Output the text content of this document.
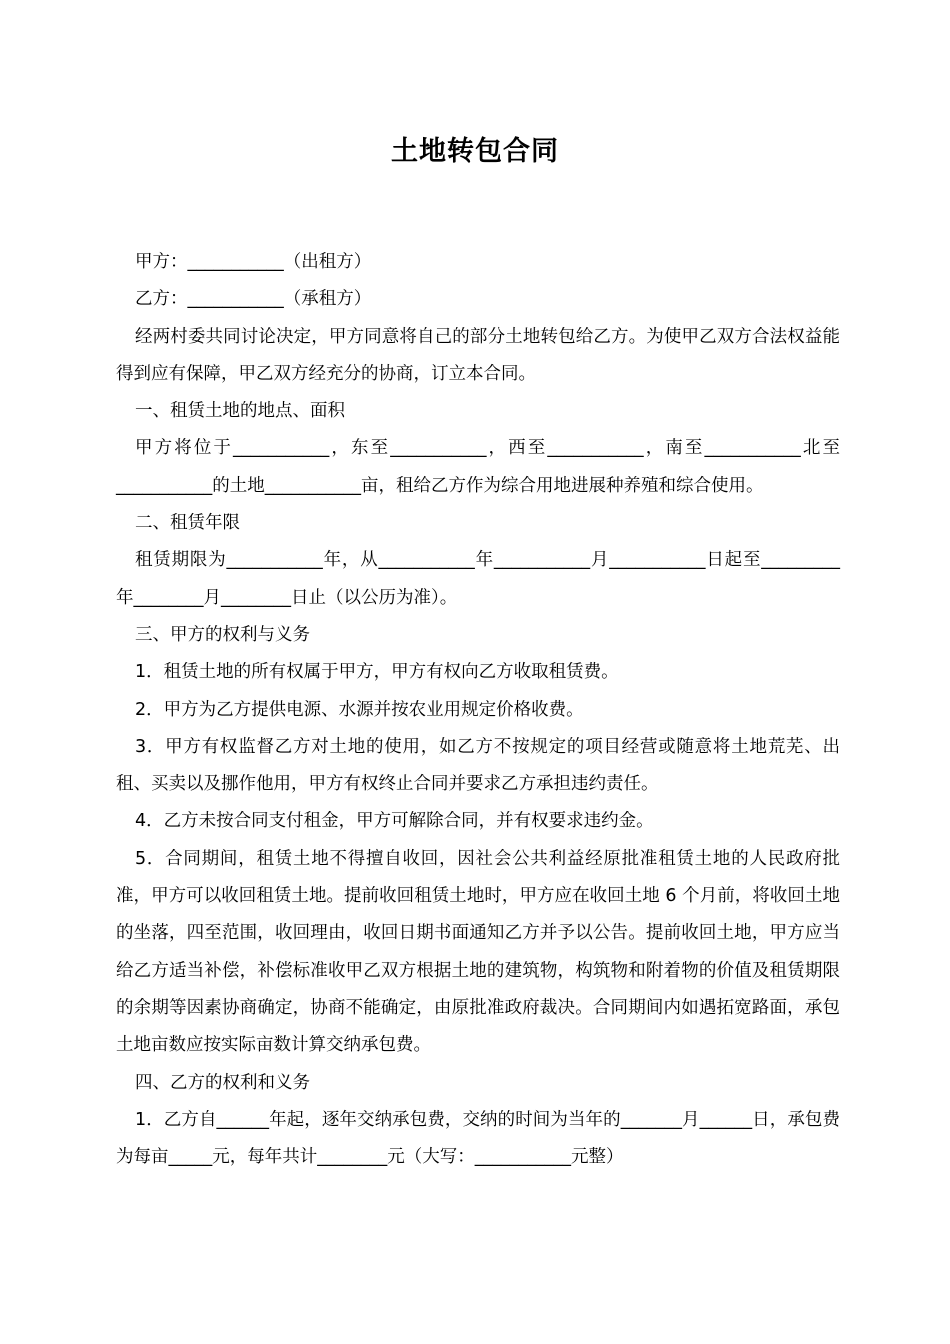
土地转包合同

甲方：___________（出租方）

乙方：___________（承租方）

经两村委共同讨论决定，甲方同意将自己的部分土地转包给乙方。为使甲乙双方合法权益能得到应有保障，甲乙双方经充分的协商，订立本合同。

一、租赁土地的地点、面积

甲方将位于___________，东至___________，西至___________，南至___________北至___________的土地___________亩，租给乙方作为综合用地进展种养殖和综合使用。

二、租赁年限

租赁期限为___________年，从___________年___________月___________日起至_________年________月________日止（以公历为准）。

三、甲方的权利与义务

1．租赁土地的所有权属于甲方，甲方有权向乙方收取租赁费。

2．甲方为乙方提供电源、水源并按农业用规定价格收费。

3．甲方有权监督乙方对土地的使用，如乙方不按规定的项目经营或随意将土地荒芜、出租、买卖以及挪作他用，甲方有权终止合同并要求乙方承担违约责任。

4．乙方未按合同支付租金，甲方可解除合同，并有权要求违约金。

5．合同期间，租赁土地不得擅自收回，因社会公共利益经原批准租赁土地的人民政府批准，甲方可以收回租赁土地。提前收回租赁土地时，甲方应在收回土地 6 个月前，将收回土地的坐落，四至范围，收回理由，收回日期书面通知乙方并予以公告。提前收回土地，甲方应当给乙方适当补偿，补偿标准收甲乙双方根据土地的建筑物，构筑物和附着物的价值及租赁期限的余期等因素协商确定，协商不能确定，由原批准政府裁决。合同期间内如遇拓宽路面，承包土地亩数应按实际亩数计算交纳承包费。

四、乙方的权利和义务

1．乙方自______年起，逐年交纳承包费，交纳的时间为当年的_______月______日，承包费为每亩_____元，每年共计________元（大写：___________元整）
